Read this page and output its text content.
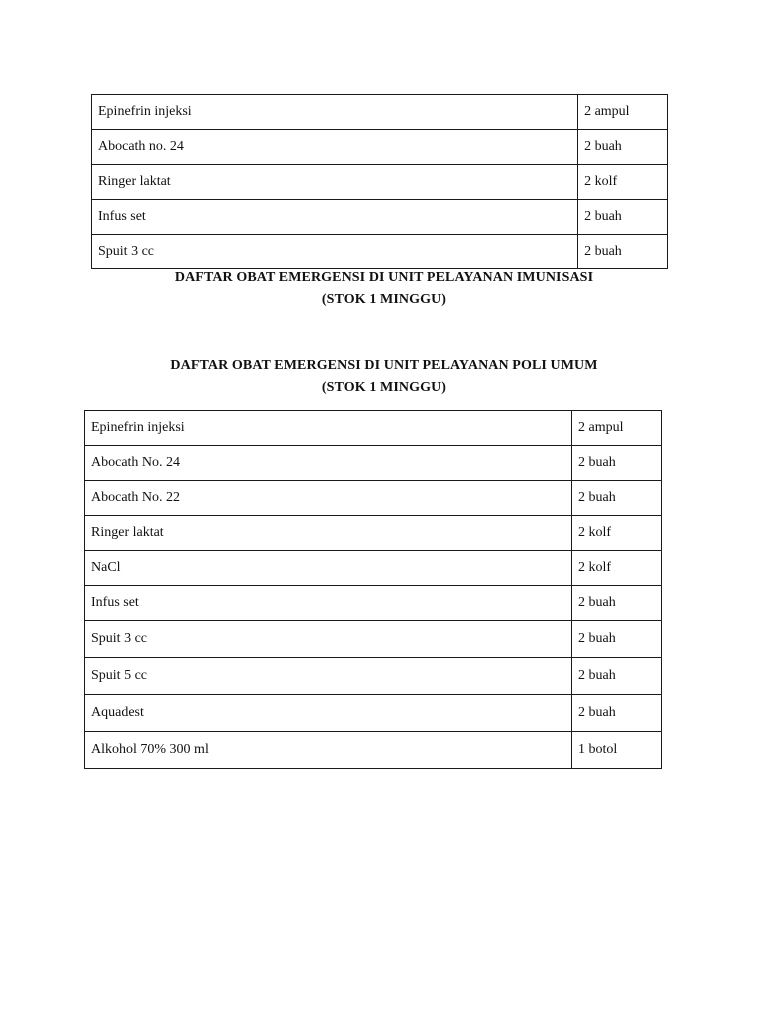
Epinefrin injeksi	2 ampul
Abocath no. 24	2 buah
Ringer laktat	2 kolf
Infus set	2 buah
Spuit 3 cc	2 buah
DAFTAR OBAT EMERGENSI DI UNIT PELAYANAN IMUNISASI
(STOK 1 MINGGU)
DAFTAR OBAT EMERGENSI DI UNIT PELAYANAN POLI UMUM
(STOK 1 MINGGU)
Epinefrin injeksi	2 ampul
Abocath No. 24	2 buah
Abocath No. 22	2 buah
Ringer laktat	2 kolf
NaCl	2 kolf
Infus set	2 buah
Spuit 3 cc	2 buah
Spuit 5 cc	2 buah
Aquadest	2 buah
Alkohol 70% 300 ml	1 botol
